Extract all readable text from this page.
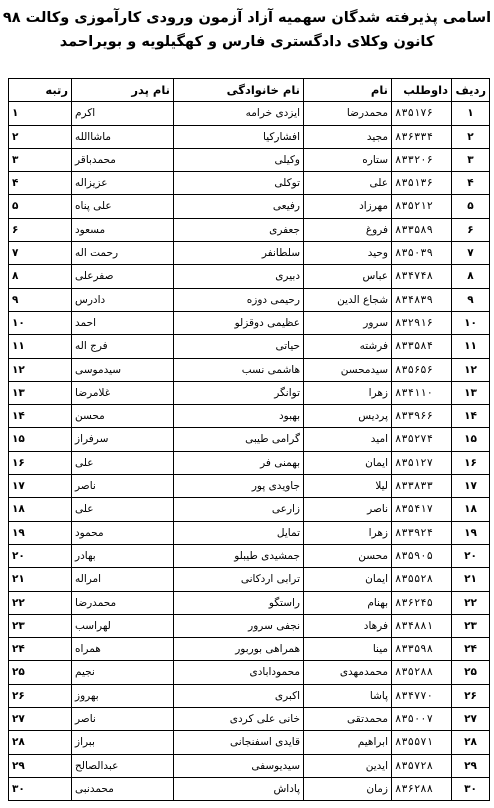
اسامی پذیرفته شدگان سهمیه آزاد آزمون ورودی کارآموزی وکالت ۹۸
کانون وکلای دادگستری فارس و کهگیلویه و بویراحمد
ردیف	داوطلب	نام	نام خانوادگی	نام پدر	رتبه
۱	۸۳۵۱۷۶	محمدرضا	ایزدی خرامه	اکرم	۱
۲	۸۳۶۳۳۴	مجید	افشارکیا	ماشاالله	۲
۳	۸۳۳۲۰۶	ستاره	وکیلی	محمدباقر	۳
۴	۸۳۵۱۳۶	علی	توکلی	عزیزاله	۴
۵	۸۳۵۲۱۲	مهرزاد	رفیعی	علی پناه	۵
۶	۸۳۳۵۸۹	فروغ	جعفری	مسعود	۶
۷	۸۳۵۰۳۹	وحید	سلطانفر	رحمت اله	۷
۸	۸۳۴۷۴۸	عباس	دبیری	صفرعلی	۸
۹	۸۳۴۸۳۹	شجاع الدین	رحیمی دوزه	دادرس	۹
۱۰	۸۳۲۹۱۶	سرور	عظیمی دوقزلو	احمد	۱۰
۱۱	۸۳۳۵۸۴	فرشته	حیاتی	فرج اله	۱۱
۱۲	۸۳۵۶۵۶	سیدمحسن	هاشمی نسب	سیدموسی	۱۲
۱۳	۸۳۴۱۱۰	زهرا	توانگر	غلامرضا	۱۳
۱۴	۸۳۳۹۶۶	پردیس	بهبود	محسن	۱۴
۱۵	۸۳۵۲۷۴	امید	گرامی طیبی	سرفراز	۱۵
۱۶	۸۳۵۱۲۷	ایمان	بهمنی فر	علی	۱۶
۱۷	۸۳۳۸۳۳	لیلا	جاویدی پور	ناصر	۱۷
۱۸	۸۳۵۴۱۷	ناصر	زارعی	علی	۱۸
۱۹	۸۳۳۹۲۴	زهرا	تمایل	محمود	۱۹
۲۰	۸۳۵۹۰۵	محسن	جمشیدی طیبلو	بهادر	۲۰
۲۱	۸۳۵۵۲۸	ایمان	ترابی اردکانی	امراله	۲۱
۲۲	۸۳۶۲۴۵	بهنام	راستگو	محمدرضا	۲۲
۲۳	۸۳۴۸۸۱	فرهاد	نجفی سرور	لهراسب	۲۳
۲۴	۸۳۳۵۹۸	مینا	همراهی بوربور	همراه	۲۴
۲۵	۸۳۵۲۸۸	محمدمهدی	محمودابادی	نجیم	۲۵
۲۶	۸۳۴۷۷۰	پاشا	اکبری	بهروز	۲۶
۲۷	۸۳۵۰۰۷	محمدتقی	خانی علی کردی	ناصر	۲۷
۲۸	۸۳۵۵۷۱	ابراهیم	قایدی اسفنجانی	ببراز	۲۸
۲۹	۸۳۵۷۲۸	ایدین	سیدیوسفی	عبدالصالح	۲۹
۳۰	۸۳۶۲۸۸	زمان	پاداش	محمدنبی	۳۰
